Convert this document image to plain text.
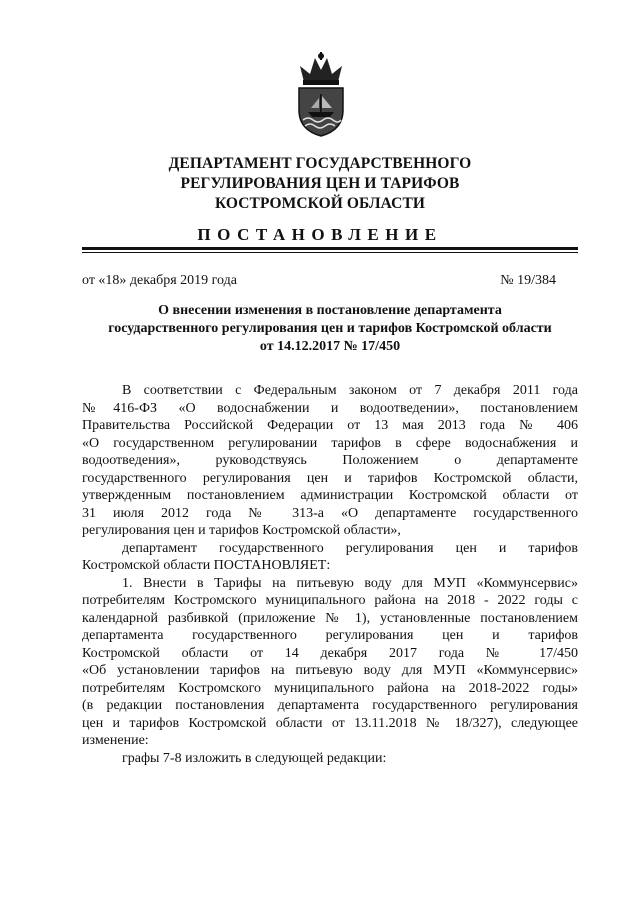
ДЕПАРТАМЕНТ ГОСУДАРСТВЕННОГО
РЕГУЛИРОВАНИЯ ЦЕН И ТАРИФОВ
КОСТРОМСКОЙ ОБЛАСТИ
ПОСТАНОВЛЕНИЕ
от «18» декабря 2019 года	№ 19/384
О внесении изменения в постановление департамента
государственного регулирования цен и тарифов Костромской области
от 14.12.2017 № 17/450
В соответствии с Федеральным законом от 7 декабря 2011 года
№416-ФЗ «О водоснабжении и водоотведении», постановлением
Правительства Российской Федерации от 13 мая 2013 года № 406
«О государственном регулировании тарифов в сфере водоснабжения и
водоотведения», руководствуясь Положением о департаменте
государственного регулирования цен и тарифов Костромской области,
утвержденным постановлением администрации Костромской области от
31 июля 2012 года № 313-а «О департаменте государственного
регулирования цен и тарифов Костромской области»,
департамент государственного регулирования цен и тарифов
Костромской области ПОСТАНОВЛЯЕТ:
1. Внести в Тарифы на питьевую воду для МУП «Коммунсервис»
потребителям Костромского муниципального района на 2018 - 2022 годы с
календарной разбивкой (приложение № 1), установленные постановлением
департамента государственного регулирования цен и тарифов
Костромской области от 14 декабря 2017 года № 17/450
«Об установлении тарифов на питьевую воду для МУП «Коммунсервис»
потребителям Костромского муниципального района на 2018-2022 годы»
(в редакции постановления департамента государственного регулирования
цен и тарифов Костромской области от 13.11.2018 № 18/327), следующее
изменение:
графы 7-8 изложить в следующей редакции:
